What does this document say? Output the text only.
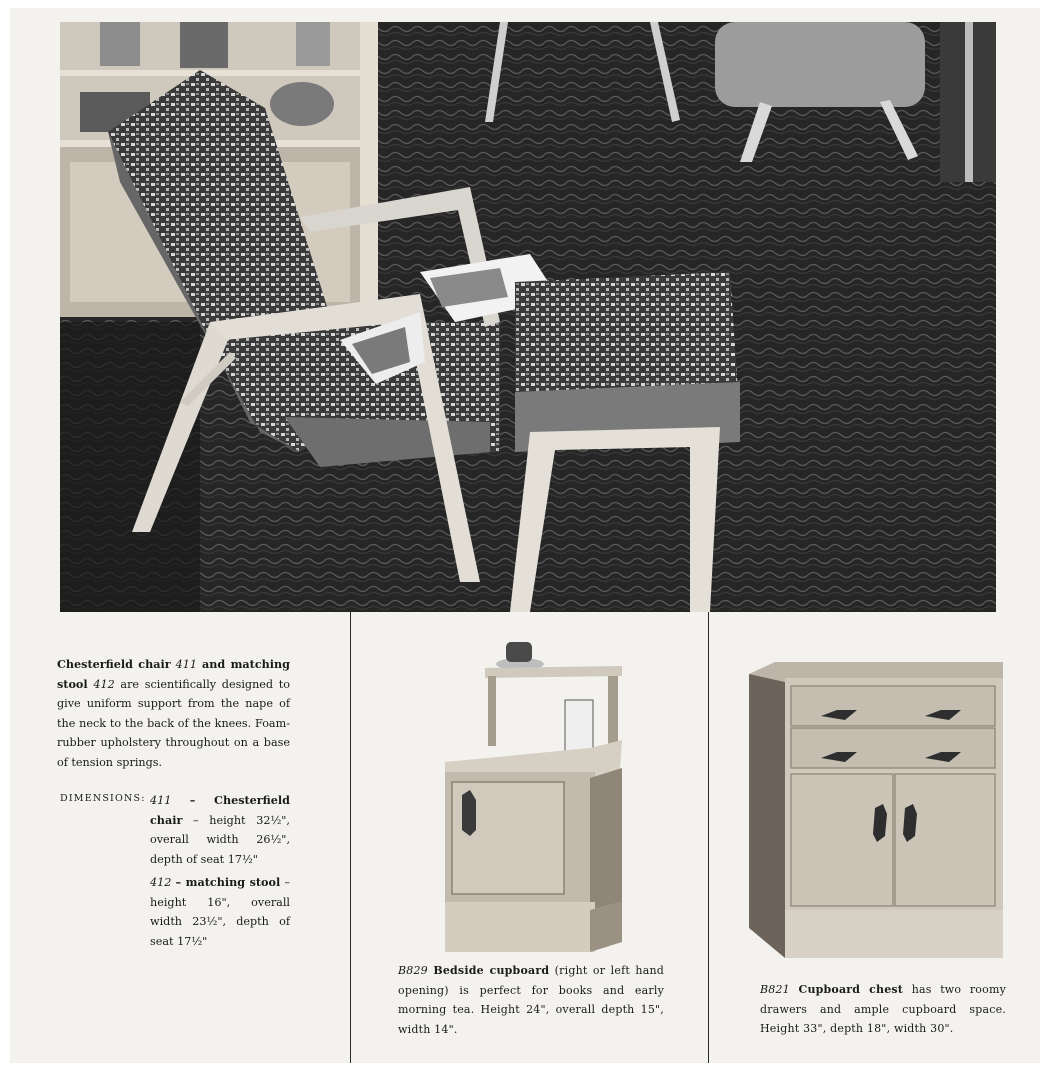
Chesterfield chair 411 and matching stool 412 are scientifically designed to give uniform support from the nape of the neck to the back of the knees. Foam-rubber upholstery throughout on a base of tension springs.
DIMENSIONS: 411 – Chesterfield chair – height 32½", overall width 26½", depth of seat 17½"

412 – matching stool – height 16", overall width 23½", depth of seat 17½"

B829 Bedside cupboard (right or left hand opening) is perfect for books and early morning tea. Height 24", overall depth 15", width 14".

B821 Cupboard chest has two roomy drawers and ample cupboard space. Height 33", depth 18", width 30".
